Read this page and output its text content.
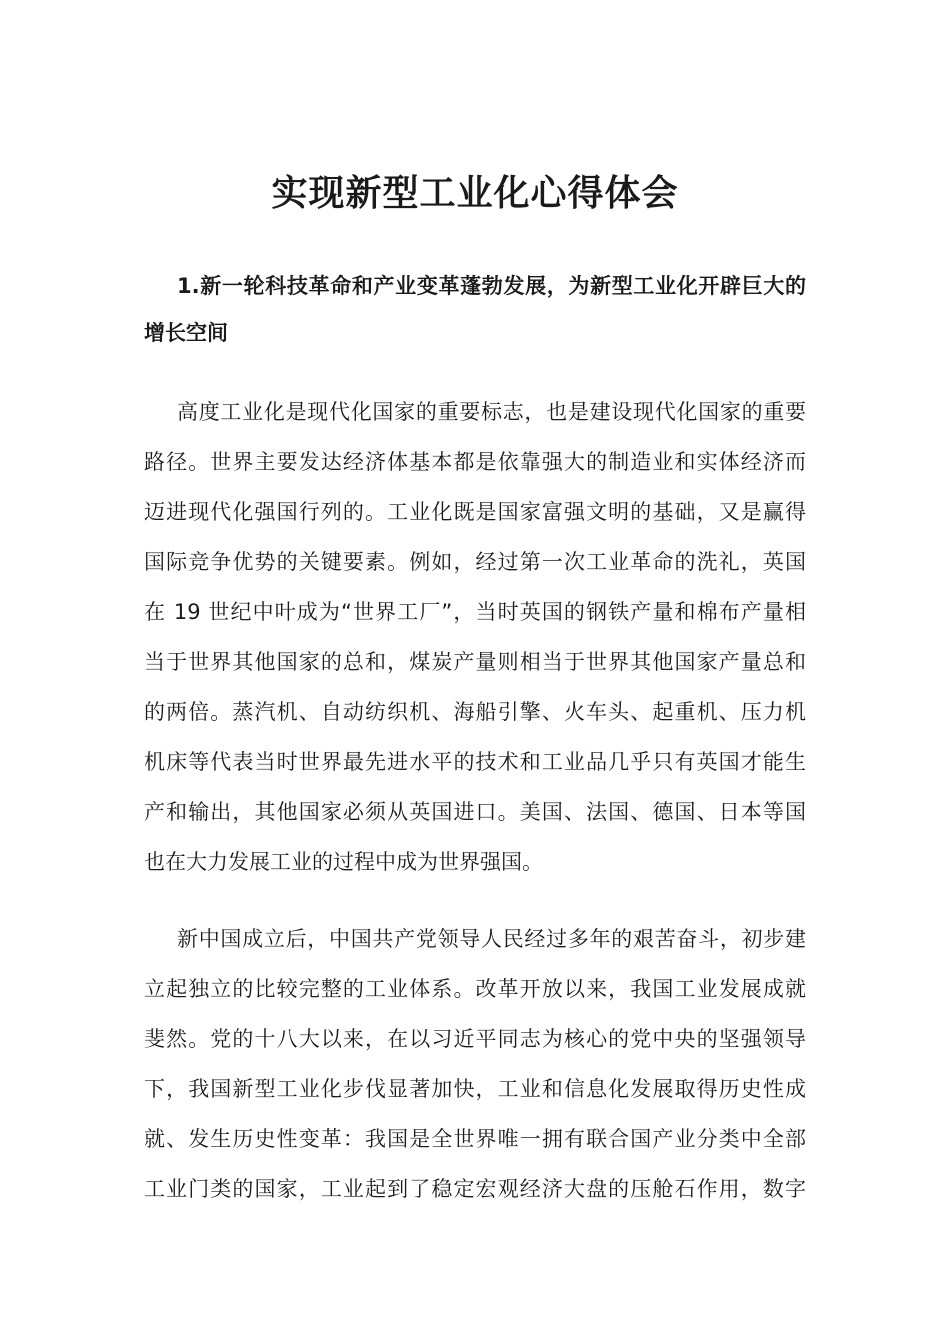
实现新型工业化心得体会
1.新一轮科技革命和产业变革蓬勃发展，为新型工业化开辟巨大的
增长空间
高度工业化是现代化国家的重要标志，也是建设现代化国家的重要
路径。世界主要发达经济体基本都是依靠强大的制造业和实体经济而
迈进现代化强国行列的。工业化既是国家富强文明的基础，又是赢得
国际竞争优势的关键要素。例如，经过第一次工业革命的洗礼，英国
在 19 世纪中叶成为“世界工厂”，当时英国的钢铁产量和棉布产量相
当于世界其他国家的总和，煤炭产量则相当于世界其他国家产量总和
的两倍。蒸汽机、自动纺织机、海船引擎、火车头、起重机、压力机
机床等代表当时世界最先进水平的技术和工业品几乎只有英国才能生
产和输出，其他国家必须从英国进口。美国、法国、德国、日本等国
也在大力发展工业的过程中成为世界强国。
新中国成立后，中国共产党领导人民经过多年的艰苦奋斗，初步建
立起独立的比较完整的工业体系。改革开放以来，我国工业发展成就
斐然。党的十八大以来，在以习近平同志为核心的党中央的坚强领导
下，我国新型工业化步伐显著加快，工业和信息化发展取得历史性成
就、发生历史性变革：我国是全世界唯一拥有联合国产业分类中全部
工业门类的国家，工业起到了稳定宏观经济大盘的压舱石作用，数字
